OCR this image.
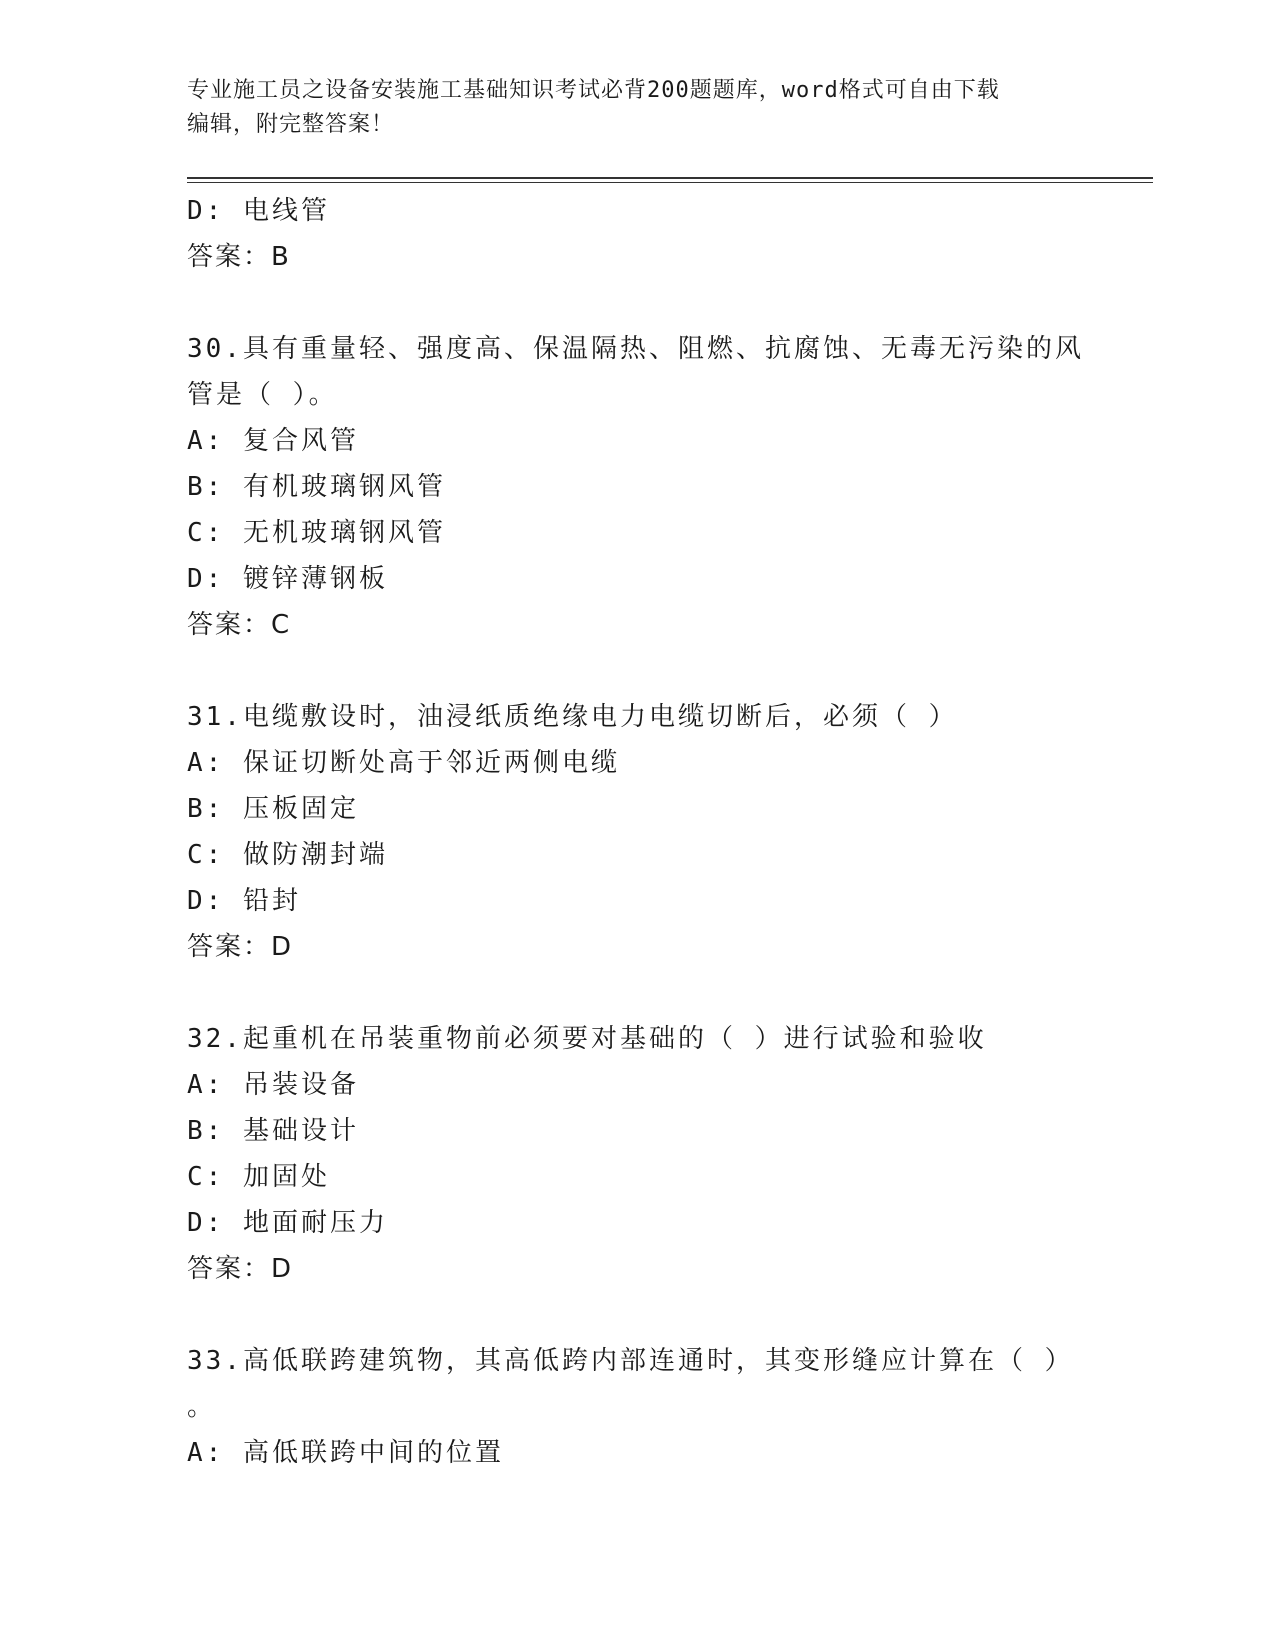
专业施工员之设备安装施工基础知识考试必背200题题库，word格式可自由下载
编辑，附完整答案！
D: 电线管
答案：B
30.具有重量轻、强度高、保温隔热、阻燃、抗腐蚀、无毒无污染的风
管是（ ）。
A: 复合风管
B: 有机玻璃钢风管
C: 无机玻璃钢风管
D: 镀锌薄钢板
答案：C
31.电缆敷设时，油浸纸质绝缘电力电缆切断后，必须（ ）
A: 保证切断处高于邻近两侧电缆
B: 压板固定
C: 做防潮封端
D: 铅封
答案：D
32.起重机在吊装重物前必须要对基础的（ ）进行试验和验收
A: 吊装设备
B: 基础设计
C: 加固处
D: 地面耐压力
答案：D
33.高低联跨建筑物，其高低跨内部连通时，其变形缝应计算在（ ）
。
A: 高低联跨中间的位置
